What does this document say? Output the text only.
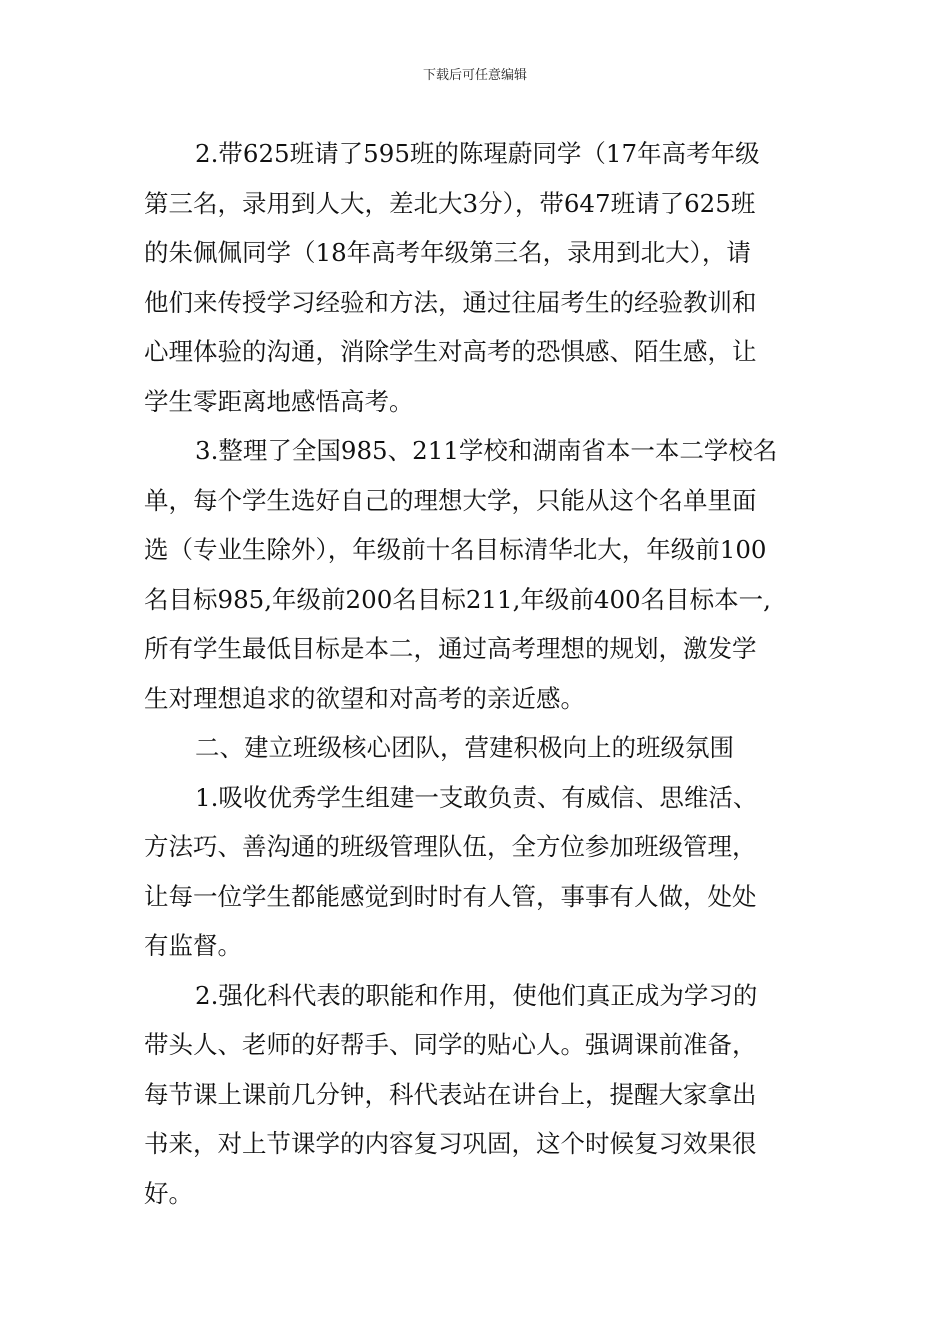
下载后可任意编辑
2.带625班请了595班的陈瑆蔚同学（17年高考年级
第三名，录用到人大，差北大3分），带647班请了625班
的朱佩佩同学（18年高考年级第三名，录用到北大），请
他们来传授学习经验和方法，通过往届考生的经验教训和
心理体验的沟通，消除学生对高考的恐惧感、陌生感，让
学生零距离地感悟高考。
3.整理了全国985、211学校和湖南省本一本二学校名
单，每个学生选好自己的理想大学，只能从这个名单里面
选（专业生除外），年级前十名目标清华北大，年级前100
名目标985,年级前200名目标211,年级前400名目标本一,
所有学生最低目标是本二，通过高考理想的规划，激发学
生对理想追求的欲望和对高考的亲近感。
二、建立班级核心团队，营建积极向上的班级氛围
1.吸收优秀学生组建一支敢负责、有威信、思维活、
方法巧、善沟通的班级管理队伍，全方位参加班级管理，
让每一位学生都能感觉到时时有人管，事事有人做，处处
有监督。
2.强化科代表的职能和作用，使他们真正成为学习的
带头人、老师的好帮手、同学的贴心人。强调课前准备，
每节课上课前几分钟，科代表站在讲台上，提醒大家拿出
书来，对上节课学的内容复习巩固，这个时候复习效果很
好。
